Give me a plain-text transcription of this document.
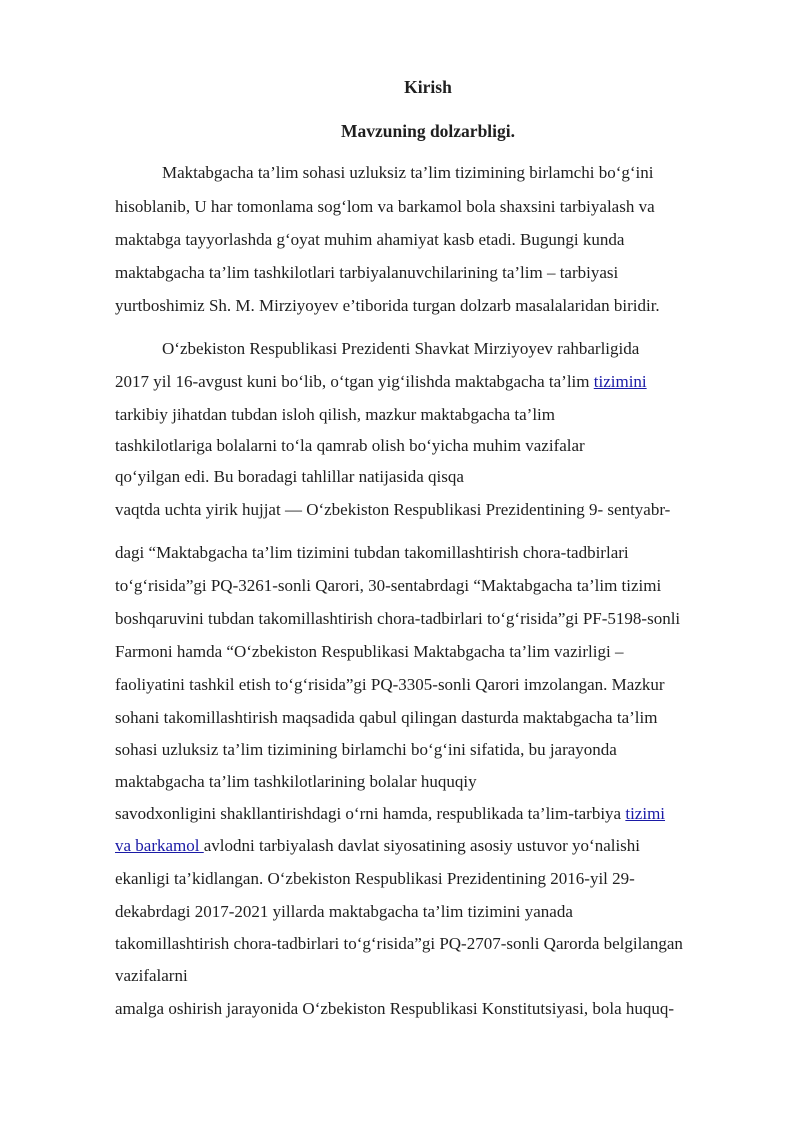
Kirish
Mavzuning dolzarbligi.
Maktabgacha ta’lim sohasi uzluksiz ta’lim tizimining birlamchi bo‘g‘ini
hisoblanib, U har tomonlama sog‘lom va barkamol bola shaxsini tarbiyalash va
maktabga tayyorlashda g‘oyat muhim ahamiyat kasb etadi. Bugungi kunda
maktabgacha ta’lim tashkilotlari tarbiyalanuvchilarining ta’lim – tarbiyasi
yurtboshimiz Sh. M. Mirziyoyev e’tiborida turgan dolzarb masalalaridan biridir.
O‘zbekiston Respublikasi Prezidenti Shavkat Mirziyoyev rahbarligida
2017 yil 16-avgust kuni bo‘lib, o‘tgan yig‘ilishda maktabgacha ta’lim tizimini
tarkibiy jihatdan tubdan isloh qilish, mazkur maktabgacha ta’lim
tashkilotlariga bolalarni to‘la qamrab olish bo‘yicha muhim vazifalar
qo‘yilgan edi. Bu boradagi tahlillar natijasida qisqa
vaqtda uchta yirik hujjat — O‘zbekiston Respublikasi Prezidentining 9- sentyabr-
dagi “Maktabgacha ta’lim tizimini tubdan takomillashtirish chora-tadbirlari
to‘g‘risida”gi PQ-3261-sonli Qarori, 30-sentabrdagi “Maktabgacha ta’lim tizimi
boshqaruvini tubdan takomillashtirish chora-tadbirlari to‘g‘risida”gi PF-5198-sonli
Farmoni hamda “O‘zbekiston Respublikasi Maktabgacha ta’lim vazirligi –
faoliyatini tashkil etish to‘g‘risida”gi PQ-3305-sonli Qarori imzolangan. Mazkur
sohani takomillashtirish maqsadida qabul qilingan dasturda maktabgacha ta’lim
sohasi uzluksiz ta’lim tizimining birlamchi bo‘g‘ini sifatida, bu jarayonda
maktabgacha ta’lim tashkilotlarining bolalar huquqiy
savodxonligini shakllantirishdagi o‘rni hamda, respublikada ta’lim-tarbiya tizimi
va barkamol avlodni tarbiyalash davlat siyosatining asosiy ustuvor yo‘nalishi
ekanligi ta’kidlangan. O‘zbekiston Respublikasi Prezidentining 2016-yil 29-
dekabrdagi 2017-2021 yillarda maktabgacha ta’lim tizimini yanada
takomillashtirish chora-tadbirlari to‘g‘risida”gi PQ-2707-sonli Qarorda belgilangan
vazifalarni
amalga oshirish jarayonida O‘zbekiston Respublikasi Konstitutsiyasi, bola huquq-
